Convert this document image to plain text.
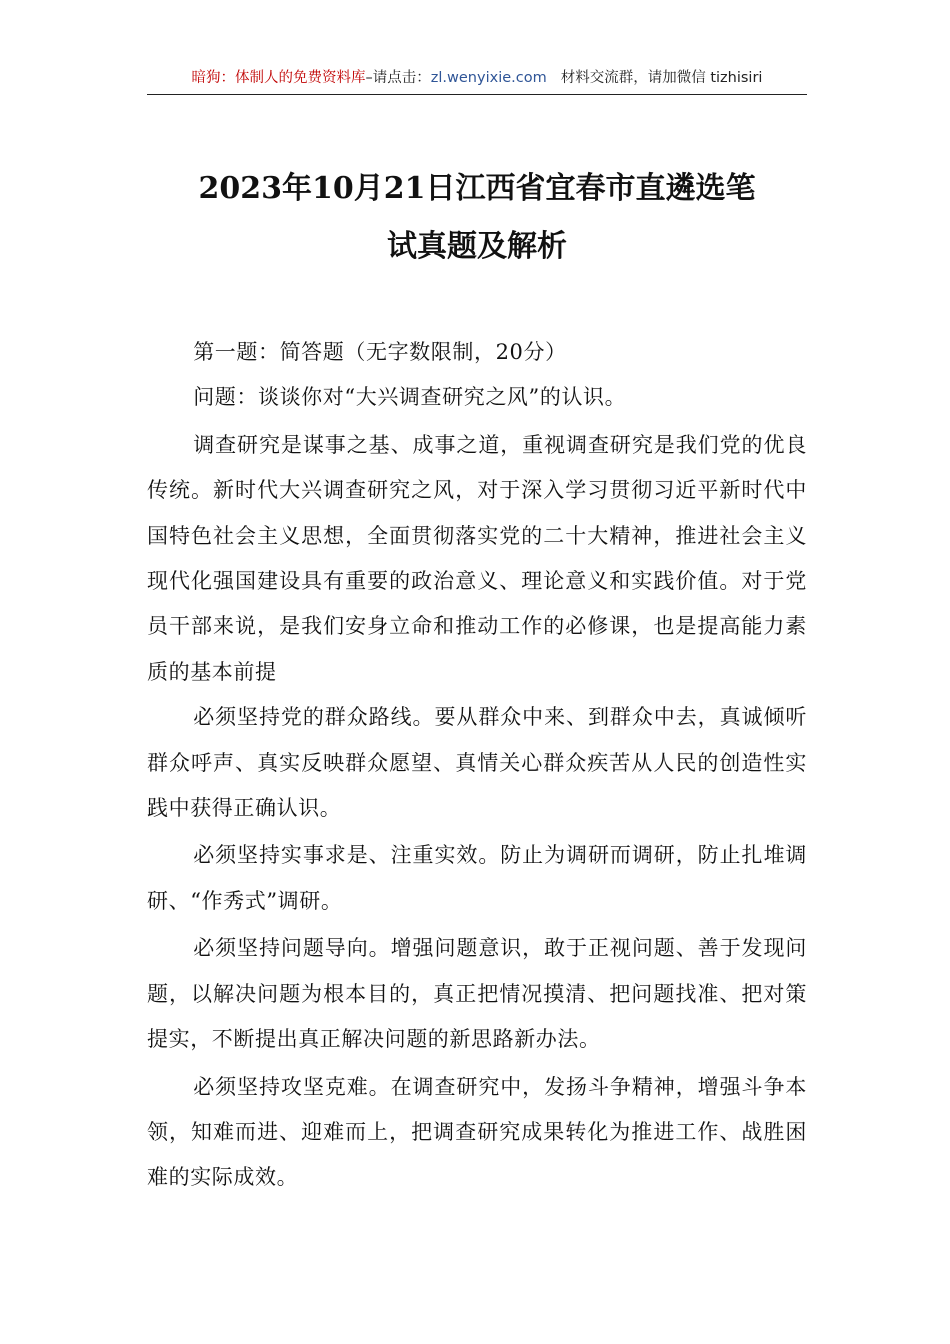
暗狗：体制人的免费资料库–请点击：zl.wenyixie.com 材料交流群，请加微信 tizhisiri
2023年10月21日江西省宜春市直遴选笔
试真题及解析

第一题：简答题（无字数限制，20分）

问题：谈谈你对“大兴调查研究之风”的认识。

调查研究是谋事之基、成事之道，重视调查研究是我们党的优良传统。新时代大兴调查研究之风，对于深入学习贯彻习近平新时代中国特色社会主义思想，全面贯彻落实党的二十大精神，推进社会主义现代化强国建设具有重要的政治意义、理论意义和实践价值。对于党员干部来说，是我们安身立命和推动工作的必修课，也是提高能力素质的基本前提

必须坚持党的群众路线。要从群众中来、到群众中去，真诚倾听群众呼声、真实反映群众愿望、真情关心群众疾苦从人民的创造性实践中获得正确认识。

必须坚持实事求是、注重实效。防止为调研而调研，防止扎堆调研、“作秀式”调研。

必须坚持问题导向。增强问题意识，敢于正视问题、善于发现问题，以解决问题为根本目的，真正把情况摸清、把问题找准、把对策提实，不断提出真正解决问题的新思路新办法。

必须坚持攻坚克难。在调查研究中，发扬斗争精神，增强斗争本领，知难而进、迎难而上，把调查研究成果转化为推进工作、战胜困难的实际成效。
